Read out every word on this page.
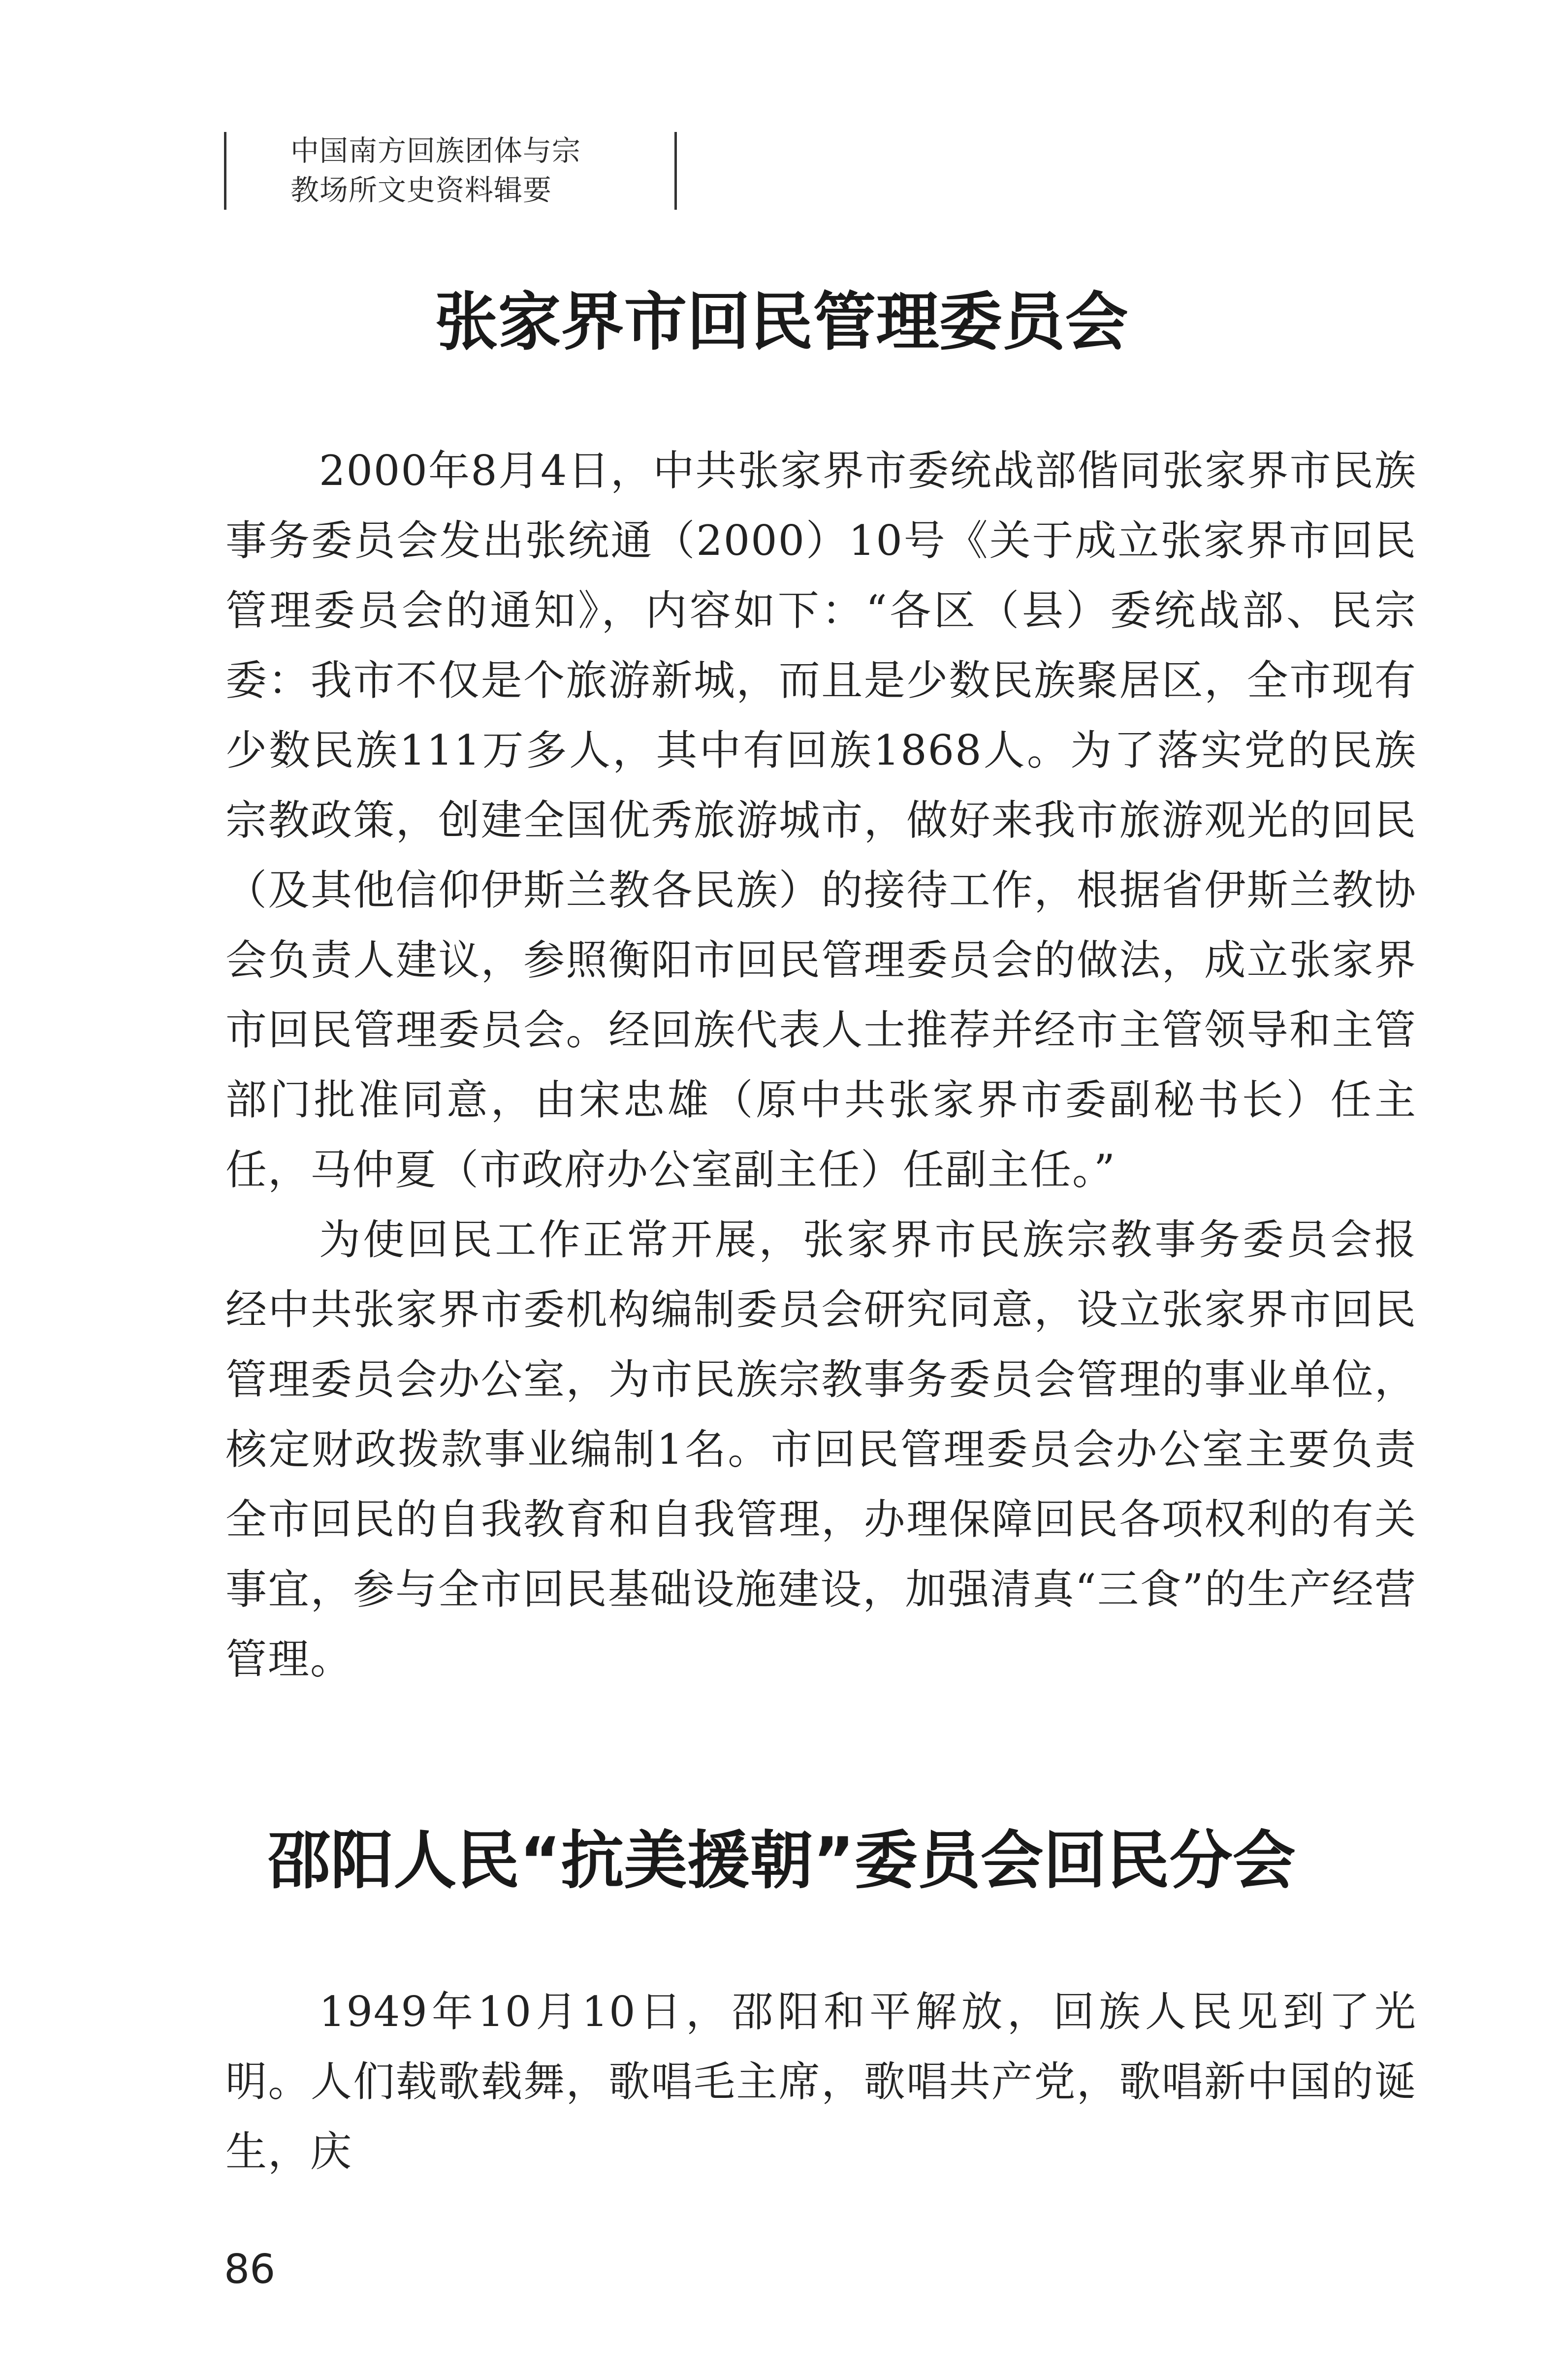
中国南方回族团体与宗
教场所文史资料辑要
张家界市回民管理委员会

2000年8月4日，中共张家界市委统战部偕同张家界市民族事务委员会发出张统通（2000）10号《关于成立张家界市回民管理委员会的通知》，内容如下：“各区（县）委统战部、民宗委：我市不仅是个旅游新城，而且是少数民族聚居区，全市现有少数民族111万多人，其中有回族1868人。为了落实党的民族宗教政策，创建全国优秀旅游城市，做好来我市旅游观光的回民（及其他信仰伊斯兰教各民族）的接待工作，根据省伊斯兰教协会负责人建议，参照衡阳市回民管理委员会的做法，成立张家界市回民管理委员会。经回族代表人士推荐并经市主管领导和主管部门批准同意，由宋忠雄（原中共张家界市委副秘书长）任主任，马仲夏（市政府办公室副主任）任副主任。”

为使回民工作正常开展，张家界市民族宗教事务委员会报经中共张家界市委机构编制委员会研究同意，设立张家界市回民管理委员会办公室，为市民族宗教事务委员会管理的事业单位，核定财政拨款事业编制1名。市回民管理委员会办公室主要负责全市回民的自我教育和自我管理，办理保障回民各项权利的有关事宜，参与全市回民基础设施建设，加强清真“三食”的生产经营管理。

邵阳人民“抗美援朝”委员会回民分会

1949年10月10日，邵阳和平解放，回族人民见到了光明。人们载歌载舞，歌唱毛主席，歌唱共产党，歌唱新中国的诞生，庆

86
